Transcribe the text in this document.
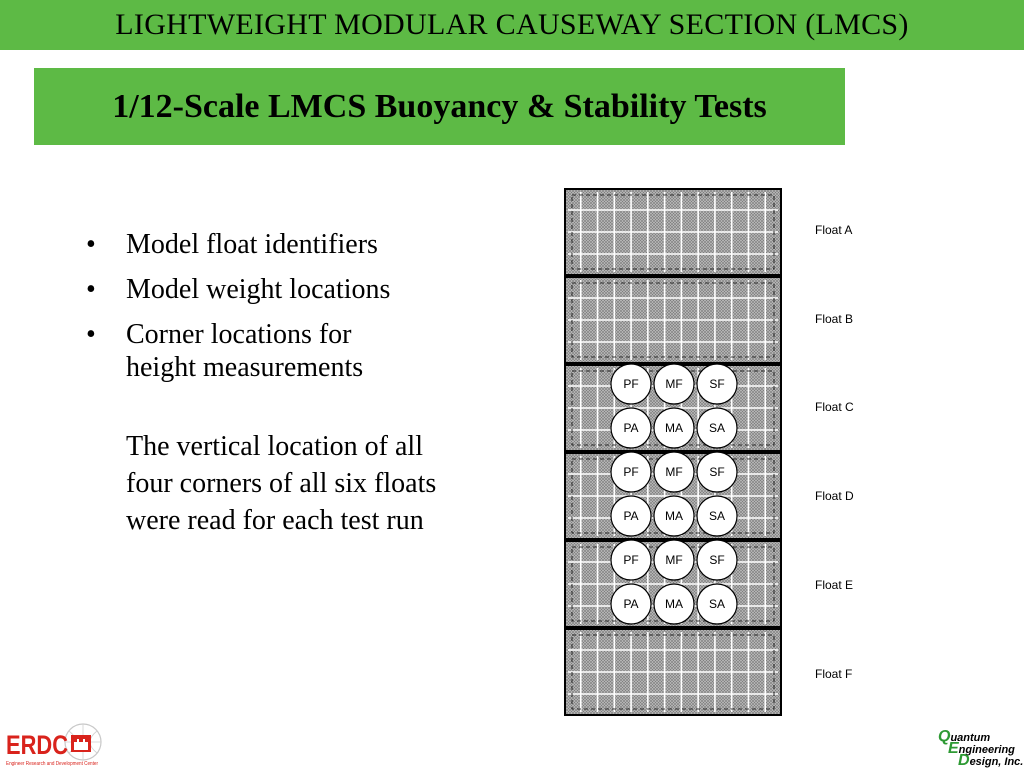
LIGHTWEIGHT MODULAR CAUSEWAY SECTION (LMCS)
1/12-Scale LMCS Buoyancy & Stability Tests
• Model float identifiers
• Model weight locations
• Corner locations for height measurements
The vertical location of all four corners of all six floats were read for each test run
PF MF SF
PA MA SA
PF MF SF
PA MA SA
PF MF SF
PA MA SA
Float A
Float B
Float C
Float D
Float E
Float F
ERDC
Engineer Research and Development Center
Quantum
Engineering
Design, Inc.
